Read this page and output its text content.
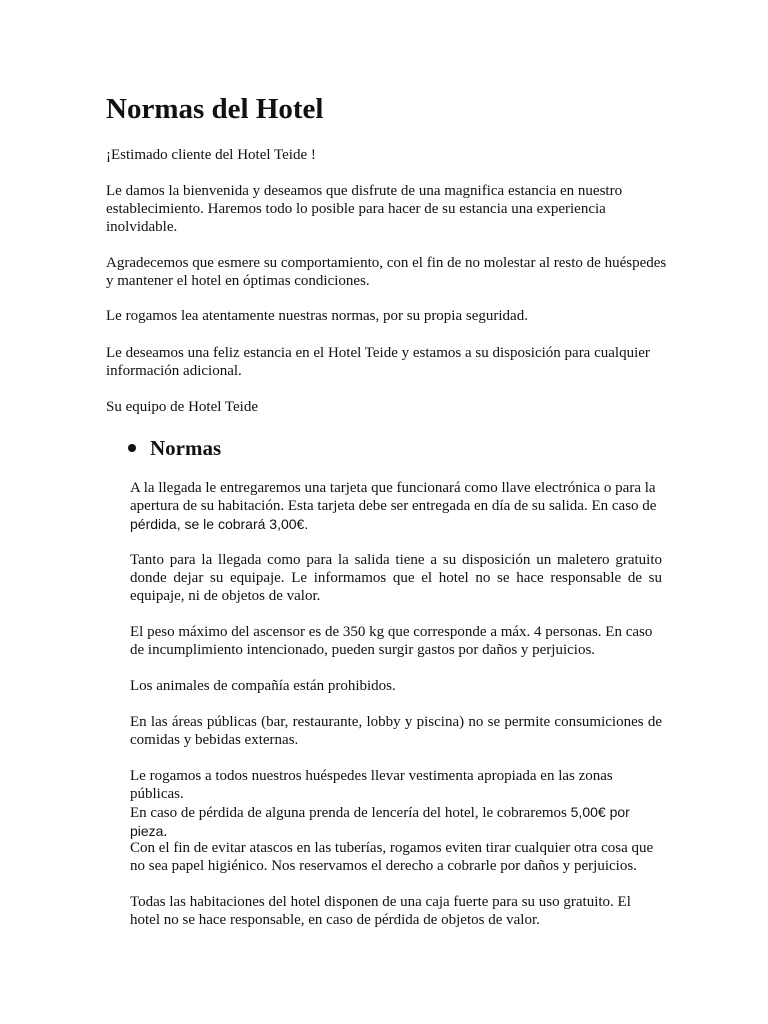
Normas del Hotel

¡Estimado cliente del Hotel Teide !

Le damos la bienvenida y deseamos que disfrute de una magnifica estancia en nuestro establecimiento. Haremos todo lo posible para hacer de su estancia una experiencia inolvidable.

Agradecemos que esmere su comportamiento, con el fin de no molestar al resto de huéspedes y mantener el hotel en óptimas condiciones.

Le rogamos lea atentamente nuestras normas, por su propia seguridad.

Le deseamos una feliz estancia en el Hotel Teide y estamos a su disposición para cualquier información adicional.

Su equipo de Hotel Teide

Normas

A la llegada le entregaremos una tarjeta que funcionará como llave electrónica o para la apertura de su habitación. Esta tarjeta debe ser entregada en día de su salida. En caso de pérdida, se le cobrará 3,00€.

Tanto para la llegada como para la salida tiene a su disposición un maletero gratuito donde dejar su equipaje. Le informamos que el hotel no se hace responsable de su equipaje, ni de objetos de valor.

El peso máximo del ascensor es de 350 kg que corresponde a máx. 4 personas. En caso de incumplimiento intencionado, pueden surgir gastos por daños y perjuicios.

Los animales de compañía están prohibidos.

En las áreas públicas (bar, restaurante, lobby y piscina) no se permite consumiciones de comidas y bebidas externas.

Le rogamos a todos nuestros huéspedes llevar vestimenta apropiada en las zonas públicas.

En caso de pérdida de alguna prenda de lencería del hotel, le cobraremos 5,00€ por pieza.

Con el fin de evitar atascos en las tuberías, rogamos eviten tirar cualquier otra cosa que no sea papel higiénico. Nos reservamos el derecho a cobrarle por daños y perjuicios.

Todas las habitaciones del hotel disponen de una caja fuerte para su uso gratuito. El hotel no se hace responsable, en caso de pérdida de objetos de valor.
